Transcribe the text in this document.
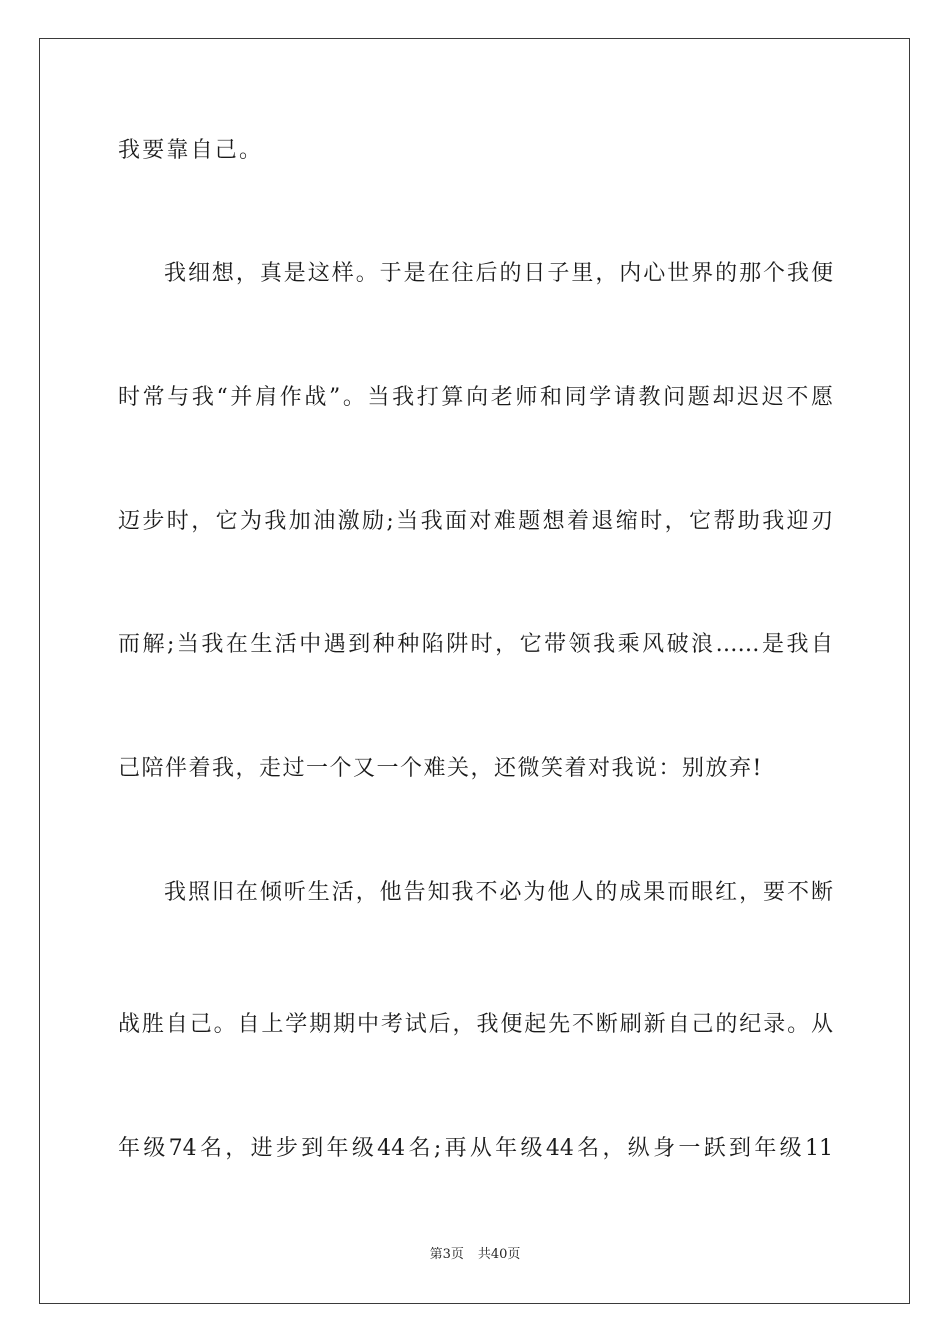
我要靠自己。
我细想，真是这样。于是在往后的日子里，内心世界的那个我便
时常与我“并肩作战”。当我打算向老师和同学请教问题却迟迟不愿
迈步时，它为我加油激励;当我面对难题想着退缩时，它帮助我迎刃
而解;当我在生活中遇到种种陷阱时，它带领我乘风破浪……是我自
己陪伴着我，走过一个又一个难关，还微笑着对我说：别放弃!
我照旧在倾听生活，他告知我不必为他人的成果而眼红，要不断
战胜自己。自上学期期中考试后，我便起先不断刷新自己的纪录。从
年级74名，进步到年级44名;再从年级44名，纵身一跃到年级11
第3页 共40页
